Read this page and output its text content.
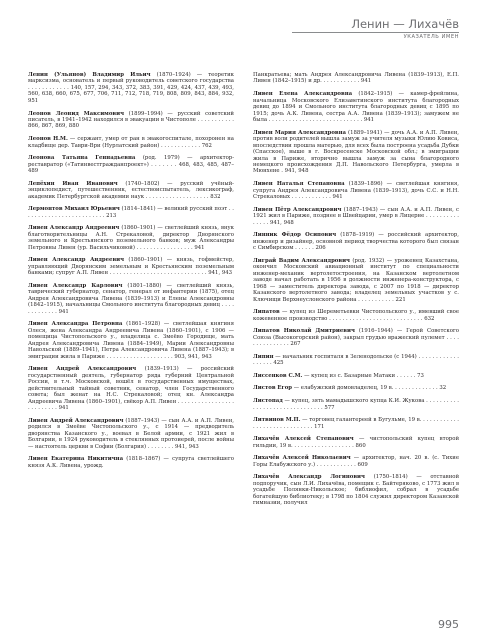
Ленин — Лихачёв
УКАЗАТЕЛЬ ИМЕН
Ленин (Ульянов) Владимир Ильич (1870–1924) — теоретик марксизма, основатель и первый руководитель советского государства . . . . . . . . . . . . 140, 157, 294, 343, 372, 383, 391, 429, 424, 437, 439, 493, 560, 638, 660, 675, 677, 706, 711, 712, 718, 719, 808, 809, 843, 884, 932, 951
Леонов Леонид Максимович (1899–1994) — русский советский писатель, в 1941–1942 находился в эвакуации в Чистополе . . . . . . . . . . . 866, 867, 869, 880
Леонов Н.М. — сержант, умер от ран в эвакогоспитале, похоронен на кладбище дер. Таври-Ври (Нурлатский район) . . . . . . . . . . . . 762
Леонова Татьяна Геннадьевна (род. 1979) — архитектор-реставратор («Татинвестгражданпроект») . . . . . . . 468, 483, 485, 487–489
Лепёхин Иван Иванович (1740–1802) — русский учёный-энциклопедист, путешественник, естествоиспытатель, лексикограф, академик Петербургской академии наук . . . . . . . . . . . . . . . . . . . 832
Лермонтов Михаил Юрьевич (1814–1841) — великий русский поэт . . . . . . . . . . . . . . . . . . . . . . . . . 213
Ливен Александр Андреевич (1860–1901) — светлейший князь, внук благотворительницы А.Н. Стрекаловой, директор Дворянского земельного и Крестьянского поземельного банков; муж Александры Петровны Ливен (ур. Васильчиковой) . . . . . . . . . . . . . . . . . 941
Ливен Александр Андреевич (1860–1901) — князь, гофмейстер, управляющий Дворянским земельным и Крестьянским поземельным банками; супруг А.П. Ливен . . . . . . . . . . . . . . . . . . . . . . . . . . . . . 941, 943
Ливен Александр Карлович (1801–1880) — светлейший князь, таврический губернатор, сенатор, генерал от инфантерии (1875), отец Андрея Александровича Ливена (1839–1913) и Елены Александровны (1842–1915), начальницы Смольного института благородных девиц . . . . . . . . . . . . . 941
Ливен Александра Петровна (1861–1928) — светлейшая княгиня Олеся, жена Александра Андреевича Ливена (1860–1901), с 1906 — помещица Чистопольского у., владелица с. Змеёво Городище, мать Андрея Александровича Ливена (1884–1949), Марии Александровны Навольской (1889–1941), Петра Александровича Ливена (1887–1943); в эмиграции жила в Париже . . . . . . . . . . . . . . . . . . . . 903, 941, 943
Ливен Андрей Александрович (1839–1913) — российский государственный деятель, губернатор ряда губерний Центральной России, в т.ч. Московской, вошёл в государственных имуществах, действительный тайный советник, сенатор, член Государственного совета; был женат на Н.С. Стрекаловой; отец кн. Александра Андреевича Ливена (1860–1901), свёкор А.П. Ливен . . . . . . . . . . . . . . . . . . . . . . . . . . 941
Ливен Андрей Александрович (1887–1943) — сын А.А. и А.П. Ливен, родился в Змеёве Чистопольского у., с 1914 — предводитель дворянства Казанского у., воевал в Белой армии, с 1921 жил в Болгарии, в 1924 руководитель в стеклянных протоиерей, после войны — настоятель церкви в Софии (Болгария) . . . . . . . . 941, 943
Ливен Екатерина Никитична (1818–1867) — супруга светлейшего князя А.К. Ливена, урожд.
Панкратьева; мать Андрея Александровича Ливена (1839–1913), Е.П. Ливен (1842–1915) и др. . . . . . . . . . . . 941
Ливен Елена Александровна (1842–1915) — камер-фрейлина, начальница Московского Елизаветинского института благородных девиц до 1894 и Смольного института благородных девиц с 1895 по 1915; дочь А.К. Ливена, сестра А.А. Ливена (1839–1913); замужем не была . . . . . . . . . . . . . . . . . . . . . . . . . . . . 941
Ливен Мария Александровна (1889–1941) — дочь А.А. и А.П. Ливен, против воли родителей вышла замуж за учителя музыки Юлию Ковиса, впоследствии прошла матерью, для всех была построена усадьба Дубки (Спасское), выше в г. Воскресенске Московской обл.; в эмиграции жила в Париже, вторично вышла замуж за сына благородного немецкого происхождения Д.П. Навольского Петербурга, умерла в Мюнхене . 941, 948
Ливен Наталья Степановна (1839–1896) — светлейшая княгиня, супруга Андрея Александровича Ливена (1839–1913), дочь С.С. и Н.Н. Стрекаловых . . . . . . . . . . . . 941
Ливен Пётр Александрович (1887–1943) — сын А.А. и А.П. Ливен, с 1921 жил в Париже, позднее в Швейцарии, умер в Лицерне . . . . . . . . . . . . . . . 941, 948
Линник Фёдор Осипович (1878–1919) — российский архитектор, инженер и дизайнер, основной период творчества которого был связан с Симбирском . . . . . . 206
Лиграй Вадим Александрович (род. 1932) — уроженец Казахстана, окончил Московский авиационный институт по специальности инженер-механик вертолетостроения, на Казанском вертолетном заводе начал работать в 1956 в должности инженера-конструктора, с 1968 — заместитель директора завода, с 2007 по 1918 — директор Казанского вертолетного завода; владелец земельных участков у с. Ключищи Верхнеуслонского района . . . . . . . . . . . 221
Липатов — купец из Шереметьевки Чистопольского у., имевший свое кожевенное производство . . . . . . . . . . . . . . . . . . . . . . . . . . . . 632
Липатов Николай Дмитриевич (1916–1944) — Герой Советского Союза (Высокогорский район), закрыл грудью вражеский пулемет . . . . . . . . . . . . . . . 267
Липин — начальник госпиталя в Зеленодольске (с 1944) . . . . . . . . . . . . . . . . . . 425
Лиссенков С.М. — купец из с. Базарные Матаки . . . . . . 73
Листов Егор — елабужский домовладелец, 19 в. . . . . . . . . . . . . . 32
Листопад — купец, зять мамадышского купца К.И. Жукова . . . . . . . . . . . . . . . . . . . . . . . . . . . . . . . 577
Литвинов М.П. — торговец галантереей в Бугульме, 19 в. . . . . . . . . . . . . . . . . . . . . . . . . . . . . . 171
Лихачёв Алексей Степанович — чистопольский купец второй гильдии, 19 в. . . . . . . . . . . . . . . . . . . 860
Лихачёв Алексей Николаевич — архитектор, нач. 20 в. (с. Тихие Горы Елабужского у.) . . . . . . . . . . . . 609
Лихачёв Александр Логинович (1750–1814) — отставной подпоручик, сын Л.И. Лихачёва, помещик с. Байтеряково, с 1773 жил в усадьбе Полянки-Никольское; библиофил, собрал в усадьбе богатейшую библиотеку; в 1798 по 1804 служил директором Казанской гимназии, получил
995
